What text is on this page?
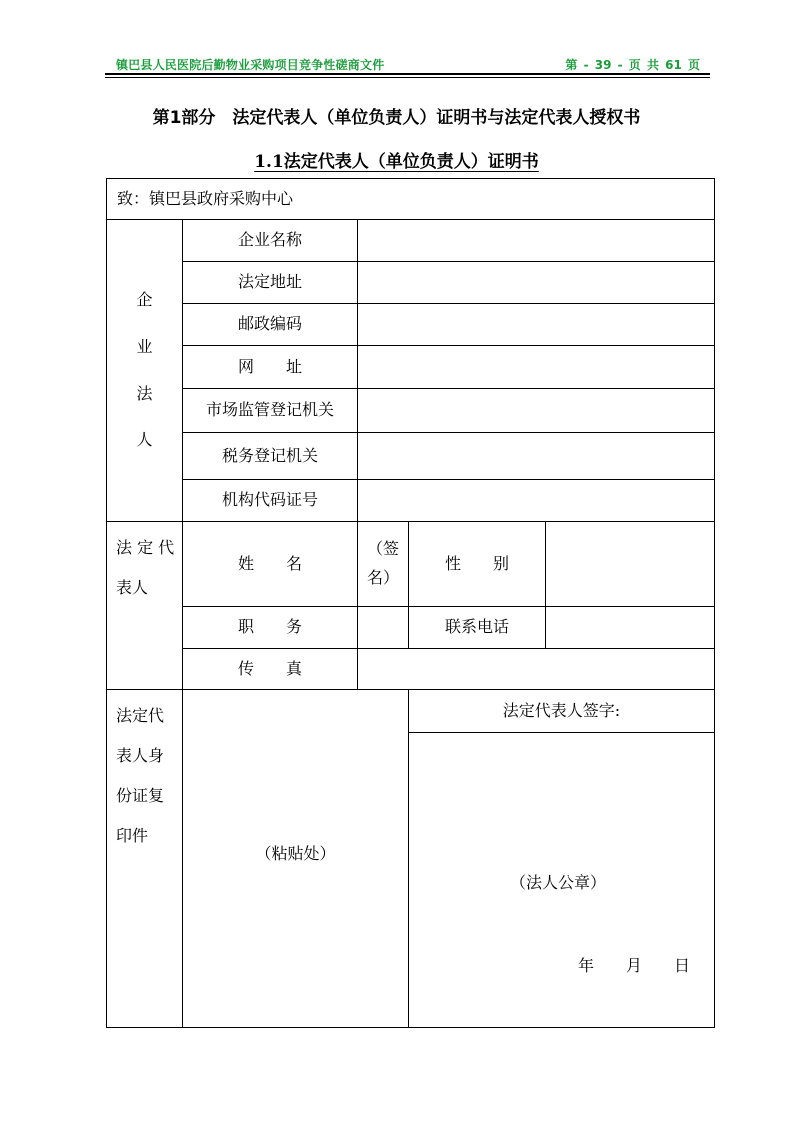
镇巴县人民医院后勤物业采购项目竞争性磋商文件	第 - 39 - 页 共 61 页
第1部分　法定代表人（单位负责人）证明书与法定代表人授权书
1.1法定代表人（单位负责人）证明书
致：镇巴县政府采购中心
企
业
法
人
企业名称
法定地址
邮政编码
网　　址
市场监管登记机关
税务登记机关
机构代码证号
法 定 代
表人
姓　　名
（签
名）
性　　别
职　　务	联系电话
传　　真
法定代
表人身
份证复
印件
（粘贴处）
法定代表人签字:
（法人公章）
年　　月　　日
